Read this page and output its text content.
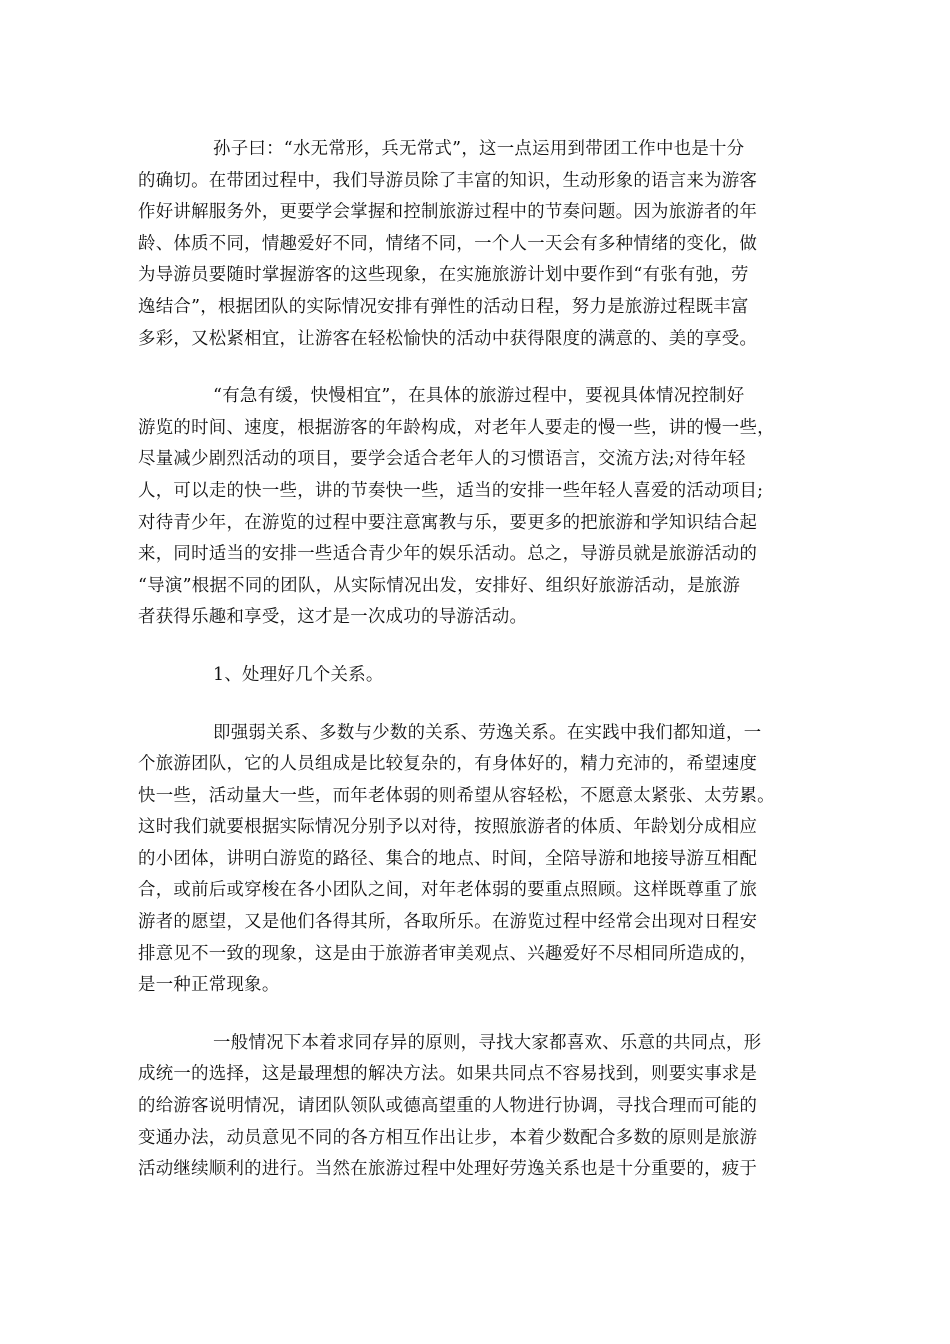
孙子曰：“水无常形，兵无常式”，这一点运用到带团工作中也是十分
的确切。在带团过程中，我们导游员除了丰富的知识，生动形象的语言来为游客
作好讲解服务外，更要学会掌握和控制旅游过程中的节奏问题。因为旅游者的年
龄、体质不同，情趣爱好不同，情绪不同，一个人一天会有多种情绪的变化，做
为导游员要随时掌握游客的这些现象，在实施旅游计划中要作到“有张有弛，劳
逸结合”，根据团队的实际情况安排有弹性的活动日程，努力是旅游过程既丰富
多彩，又松紧相宜，让游客在轻松愉快的活动中获得限度的满意的、美的享受。
“有急有缓，快慢相宜”，在具体的旅游过程中，要视具体情况控制好
游览的时间、速度，根据游客的年龄构成，对老年人要走的慢一些，讲的慢一些，
尽量减少剧烈活动的项目，要学会适合老年人的习惯语言，交流方法;对待年轻
人，可以走的快一些，讲的节奏快一些，适当的安排一些年轻人喜爱的活动项目;
对待青少年，在游览的过程中要注意寓教与乐，要更多的把旅游和学知识结合起
来，同时适当的安排一些适合青少年的娱乐活动。总之，导游员就是旅游活动的
“导演”根据不同的团队，从实际情况出发，安排好、组织好旅游活动，是旅游
者获得乐趣和享受，这才是一次成功的导游活动。
1、处理好几个关系。
即强弱关系、多数与少数的关系、劳逸关系。在实践中我们都知道，一
个旅游团队，它的人员组成是比较复杂的，有身体好的，精力充沛的，希望速度
快一些，活动量大一些，而年老体弱的则希望从容轻松，不愿意太紧张、太劳累。
这时我们就要根据实际情况分别予以对待，按照旅游者的体质、年龄划分成相应
的小团体，讲明白游览的路径、集合的地点、时间，全陪导游和地接导游互相配
合，或前后或穿梭在各小团队之间，对年老体弱的要重点照顾。这样既尊重了旅
游者的愿望，又是他们各得其所，各取所乐。在游览过程中经常会出现对日程安
排意见不一致的现象，这是由于旅游者审美观点、兴趣爱好不尽相同所造成的，
是一种正常现象。
一般情况下本着求同存异的原则，寻找大家都喜欢、乐意的共同点，形
成统一的选择，这是最理想的解决方法。如果共同点不容易找到，则要实事求是
的给游客说明情况，请团队领队或德高望重的人物进行协调，寻找合理而可能的
变通办法，动员意见不同的各方相互作出让步，本着少数配合多数的原则是旅游
活动继续顺利的进行。当然在旅游过程中处理好劳逸关系也是十分重要的，疲于
